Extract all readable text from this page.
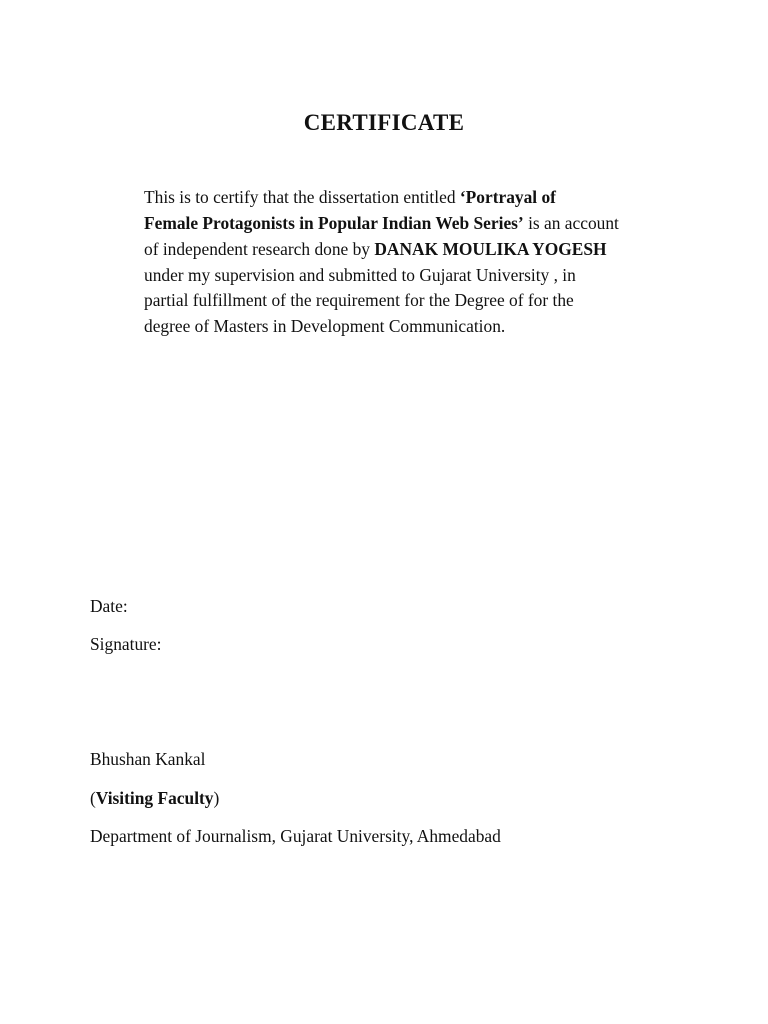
CERTIFICATE
This is to certify that the dissertation entitled ‘Portrayal of
Female Protagonists in Popular Indian Web Series’ is an account
of independent research done by DANAK MOULIKA YOGESH
under my supervision and submitted to Gujarat University , in
partial fulfillment of the requirement for the Degree of for the
degree of Masters in Development Communication.
Date:
Signature:
Bhushan Kankal
(Visiting Faculty)
Department of Journalism, Gujarat University, Ahmedabad
